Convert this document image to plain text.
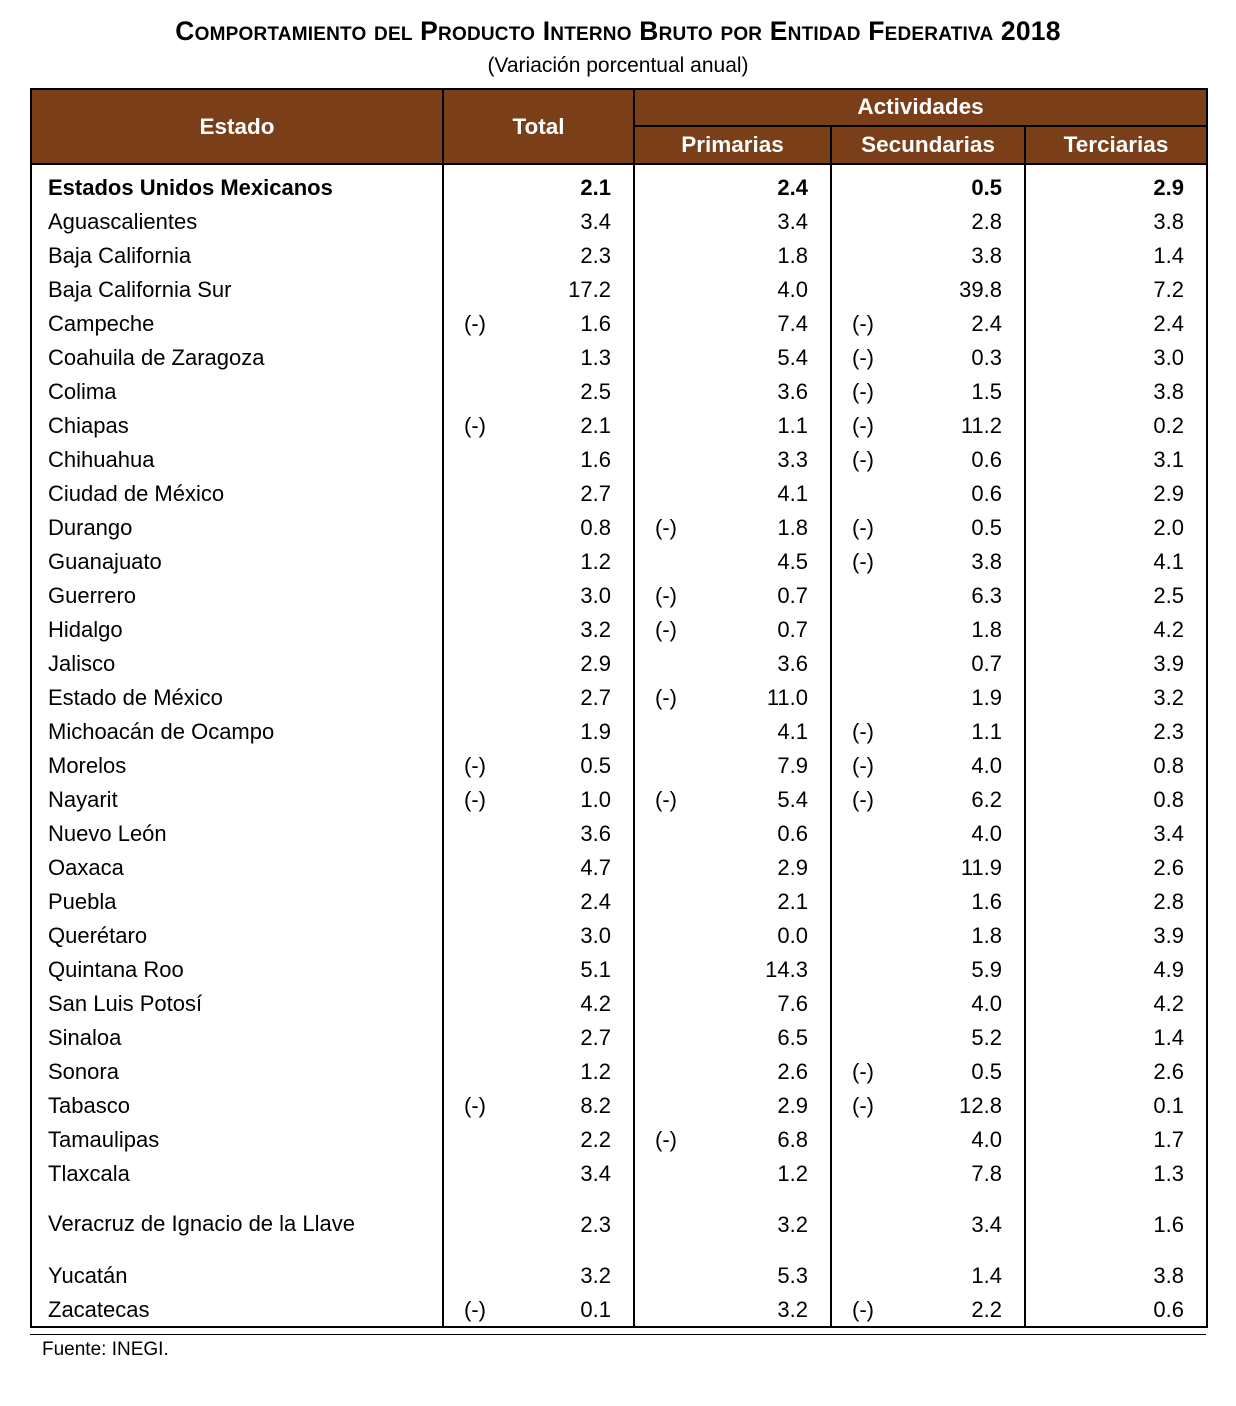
Comportamiento del Producto Interno Bruto por Entidad Federativa 2018
(Variación porcentual anual)
Estado	Total	Actividades		
		Primarias	Secundarias	Terciarias
Estados Unidos Mexicanos	2.1	2.4	0.5	2.9

Aguascalientes	3.4	3.4	2.8	3.8

Baja California	2.3	1.8	3.8	1.4

Baja California Sur	17.2	4.0	39.8	7.2

Campeche	(-) 1.6	7.4	(-) 2.4	2.4

Coahuila de Zaragoza	1.3	5.4	(-) 0.3	3.0

Colima	2.5	3.6	(-) 1.5	3.8

Chiapas	(-) 2.1	1.1	(-) 11.2	0.2

Chihuahua	1.6	3.3	(-) 0.6	3.1

Ciudad de México	2.7	4.1	0.6	2.9

Durango	0.8	(-) 1.8	(-) 0.5	2.0

Guanajuato	1.2	4.5	(-) 3.8	4.1

Guerrero	3.0	(-) 0.7	6.3	2.5

Hidalgo	3.2	(-) 0.7	1.8	4.2

Jalisco	2.9	3.6	0.7	3.9

Estado de México	2.7	(-) 11.0	1.9	3.2

Michoacán de Ocampo	1.9	4.1	(-) 1.1	2.3

Morelos	(-) 0.5	7.9	(-) 4.0	0.8

Nayarit	(-) 1.0	(-) 5.4	(-) 6.2	0.8

Nuevo León	3.6	0.6	4.0	3.4

Oaxaca	4.7	2.9	11.9	2.6

Puebla	2.4	2.1	1.6	2.8

Querétaro	3.0	0.0	1.8	3.9

Quintana Roo	5.1	14.3	5.9	4.9

San Luis Potosí	4.2	7.6	4.0	4.2

Sinaloa	2.7	6.5	5.2	1.4

Sonora	1.2	2.6	(-) 0.5	2.6

Tabasco	(-) 8.2	2.9	(-) 12.8	0.1

Tamaulipas	2.2	(-) 6.8	4.0	1.7

Tlaxcala	3.4	1.2	7.8	1.3

Veracruz de Ignacio de la Llave	2.3	3.2	3.4	1.6

Yucatán	3.2	5.3	1.4	3.8

Zacatecas	(-) 0.1	3.2	(-) 2.2	0.6
Fuente: INEGI.
